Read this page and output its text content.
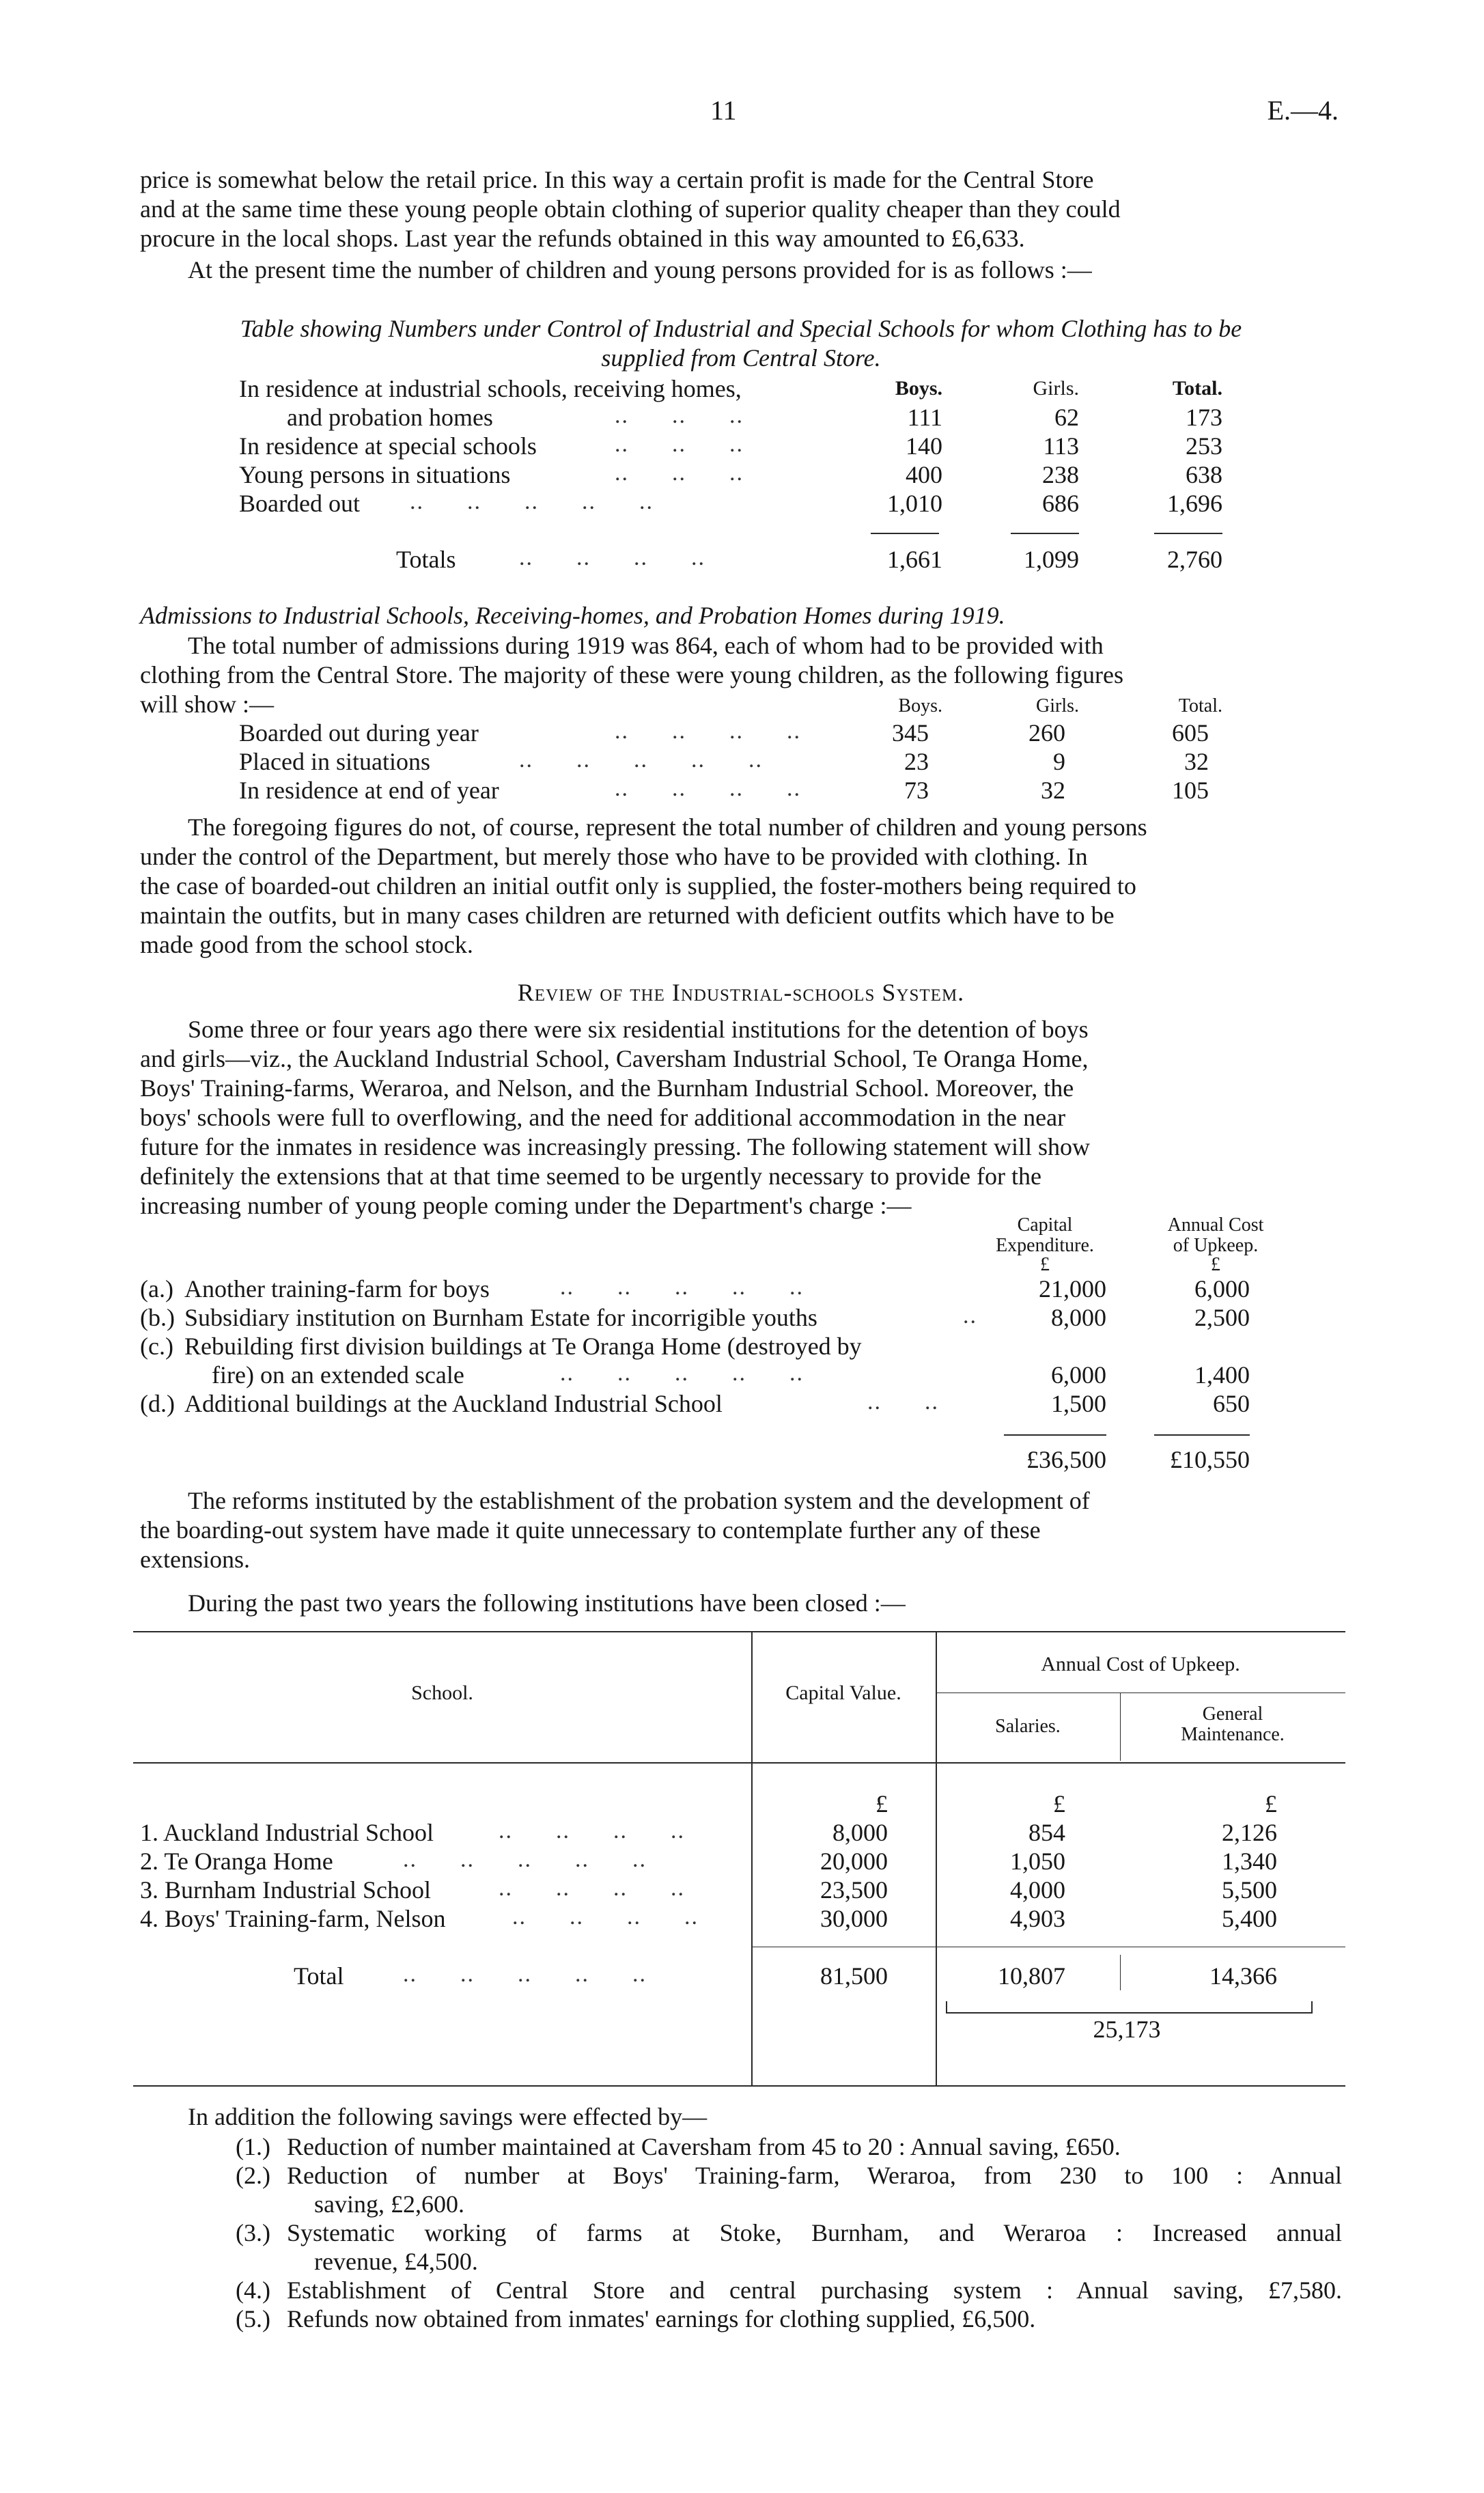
11	E.—4.
price is somewhat below the retail price. In this way a certain profit is made for the Central Store
and at the same time these young people obtain clothing of superior quality cheaper than they could
procure in the local shops. Last year the refunds obtained in this way amounted to £6,633.
At the present time the number of children and young persons provided for is as follows :—
Table showing Numbers under Control of Industrial and Special Schools for whom Clothing has to be
supplied from Central Store.
Boys.	Girls.	Total.
In residence at industrial schools, receiving homes,
and probation homes	..      ..      ..	111	62	173
In residence at special schools	..      ..      ..	140	113	253
Young persons in situations	..      ..      ..	400	238	638
Boarded out ..      ..      ..      ..      ..	1,010	686	1,696
Totals	..      ..      ..      ..	1,661	1,099	2,760
Admissions to Industrial Schools, Receiving-homes, and Probation Homes during 1919.
The total number of admissions during 1919 was 864, each of whom had to be provided with
clothing from the Central Store. The majority of these were young children, as the following figures
will show :—	Boys.	Girls.	Total.
Boarded out during year	..      ..      ..      ..	345	260	605
Placed in situations	..      ..      ..      ..      ..	23	9	32
In residence at end of year	..      ..      ..      ..	73	32	105
The foregoing figures do not, of course, represent the total number of children and young persons
under the control of the Department, but merely those who have to be provided with clothing. In
the case of boarded-out children an initial outfit only is supplied, the foster-mothers being required to
maintain the outfits, but in many cases children are returned with deficient outfits which have to be
made good from the school stock.
Review of the Industrial-schools System.
Some three or four years ago there were six residential institutions for the detention of boys
and girls—viz., the Auckland Industrial School, Caversham Industrial School, Te Oranga Home,
Boys' Training-farms, Weraroa, and Nelson, and the Burnham Industrial School. Moreover, the
boys' schools were full to overflowing, and the need for additional accommodation in the near
future for the inmates in residence was increasingly pressing. The following statement will show
definitely the extensions that at that time seemed to be urgently necessary to provide for the
increasing number of young people coming under the Department's charge :—
Capital
Expenditure.
£
Annual Cost
of Upkeep.
£
(a.) Another training-farm for boys	..      ..      ..      ..      ..	21,000	6,000
(b.) Subsidiary institution on Burnham Estate for incorrigible youths	..	8,000	2,500
(c.) Rebuilding first division buildings at Te Oranga Home (destroyed by
fire) on an extended scale	..      ..      ..      ..      ..	6,000	1,400
(d.) Additional buildings at the Auckland Industrial School	..      ..	1,500	650
£36,500	£10,550
The reforms instituted by the establishment of the probation system and the development of
the boarding-out system have made it quite unnecessary to contemplate further any of these
extensions.
During the past two years the following institutions have been closed :—
School.	Capital Value.
Annual Cost of Upkeep.
Salaries.
General
Maintenance.
£	£	£
1. Auckland Industrial School	..      ..      ..      ..	8,000	854	2,126
2. Te Oranga Home	..      ..      ..      ..      ..	20,000	1,050	1,340
3. Burnham Industrial School	..      ..      ..      ..	23,500	4,000	5,500
4. Boys' Training-farm, Nelson	..      ..      ..      ..	30,000	4,903	5,400
Total	..      ..      ..      ..      ..	81,500	10,807	14,366
25,173
In addition the following savings were effected by—
(1.) Reduction of number maintained at Caversham from 45 to 20 : Annual saving, £650.
(2.) Reduction of number at Boys' Training-farm, Weraroa, from 230 to 100 : Annual
saving, £2,600.
(3.) Systematic working of farms at Stoke, Burnham, and Weraroa : Increased annual
revenue, £4,500.
(4.) Establishment of Central Store and central purchasing system : Annual saving, £7,580.
(5.) Refunds now obtained from inmates' earnings for clothing supplied, £6,500.
